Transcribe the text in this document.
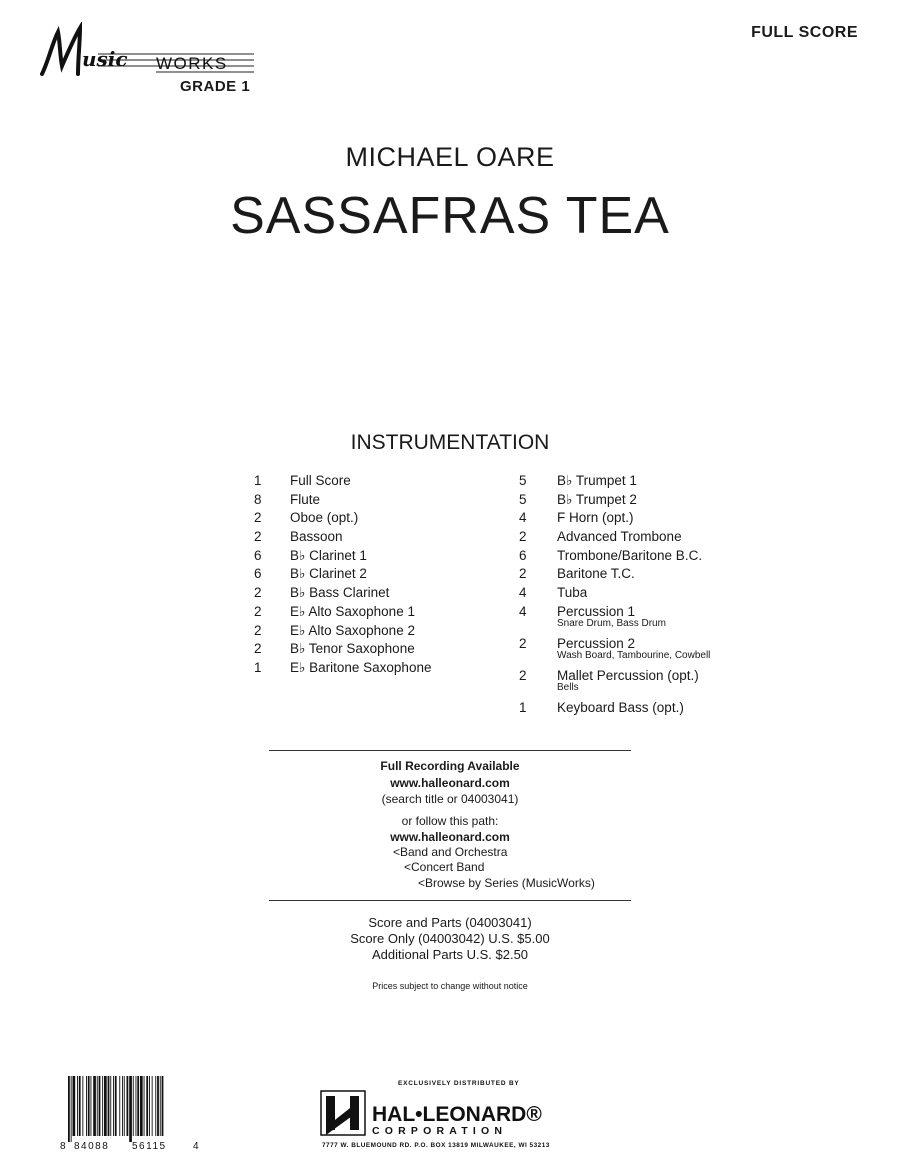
usic WORKS
GRADE 1
FULL SCORE
MICHAEL OARE
SASSAFRAS TEA
INSTRUMENTATION
1	Full Score
8	Flute
2	Oboe (opt.)
2	Bassoon
6	B♭ Clarinet 1
6	B♭ Clarinet 2
2	B♭ Bass Clarinet
2	E♭ Alto Saxophone 1
2	E♭ Alto Saxophone 2
2	B♭ Tenor Saxophone
1	E♭ Baritone Saxophone
5	B♭ Trumpet 1
5	B♭ Trumpet 2
4	F Horn (opt.)
2	Advanced Trombone
6	Trombone/Baritone B.C.
2	Baritone T.C.
4	Tuba
4	Percussion 1
Snare Drum, Bass Drum
2	Percussion 2
Wash Board, Tambourine, Cowbell
2	Mallet Percussion (opt.)
Bells
1	Keyboard Bass (opt.)
Full Recording Available
www.halleonard.com
(search title or 04003041)
or follow this path:
www.halleonard.com
<Band and Orchestra
<Concert Band
<Browse by Series (MusicWorks)
Score and Parts (04003041)
Score Only (04003042) U.S. $5.00
Additional Parts U.S. $2.50
Prices subject to change without notice
8 84088 56115	4
EXCLUSIVELY DISTRIBUTED BY
HAL•LEONARD®
CORPORATION
7777 W. BLUEMOUND RD. P.O. BOX 13819 MILWAUKEE, WI 53213
